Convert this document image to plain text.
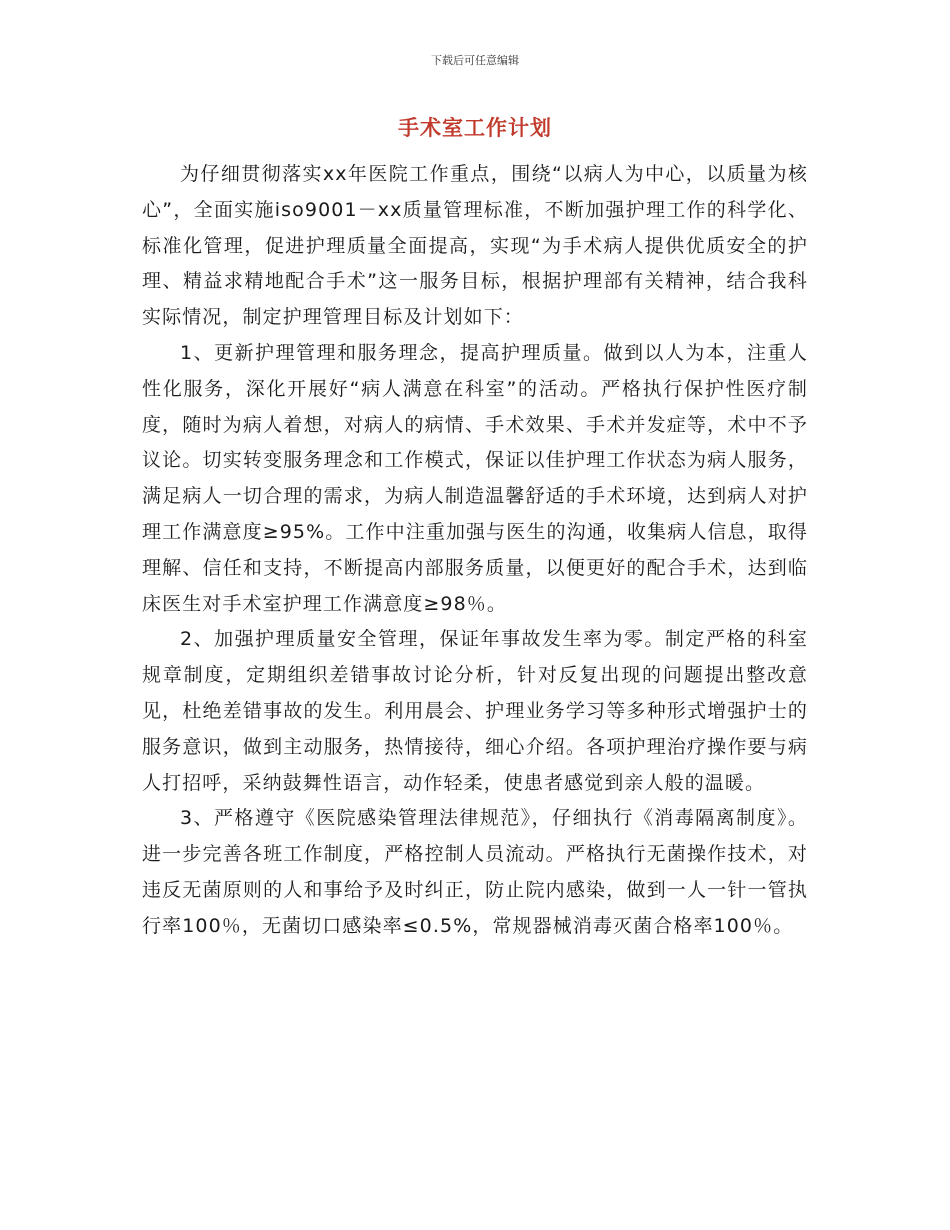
下载后可任意编辑
手术室工作计划

为仔细贯彻落实xx年医院工作重点，围绕“以病人为中心，以质量为核心”，全面实施iso9001－xx质量管理标准，不断加强护理工作的科学化、标准化管理，促进护理质量全面提高，实现“为手术病人提供优质安全的护理、精益求精地配合手术”这一服务目标，根据护理部有关精神，结合我科实际情况，制定护理管理目标及计划如下：

1、更新护理管理和服务理念，提高护理质量。做到以人为本，注重人性化服务，深化开展好“病人满意在科室”的活动。严格执行保护性医疗制度，随时为病人着想，对病人的病情、手术效果、手术并发症等，术中不予议论。切实转变服务理念和工作模式，保证以佳护理工作状态为病人服务，满足病人一切合理的需求，为病人制造温馨舒适的手术环境，达到病人对护理工作满意度≥95%。工作中注重加强与医生的沟通，收集病人信息，取得理解、信任和支持，不断提高内部服务质量，以便更好的配合手术，达到临床医生对手术室护理工作满意度≥98％。

2、加强护理质量安全管理，保证年事故发生率为零。制定严格的科室规章制度，定期组织差错事故讨论分析，针对反复出现的问题提出整改意见，杜绝差错事故的发生。利用晨会、护理业务学习等多种形式增强护士的服务意识，做到主动服务，热情接待，细心介绍。各项护理治疗操作要与病人打招呼，采纳鼓舞性语言，动作轻柔，使患者感觉到亲人般的温暖。

3、严格遵守《医院感染管理法律规范》，仔细执行《消毒隔离制度》。进一步完善各班工作制度，严格控制人员流动。严格执行无菌操作技术，对违反无菌原则的人和事给予及时纠正，防止院内感染，做到一人一针一管执行率100％，无菌切口感染率≤0.5%，常规器械消毒灭菌合格率100％。
